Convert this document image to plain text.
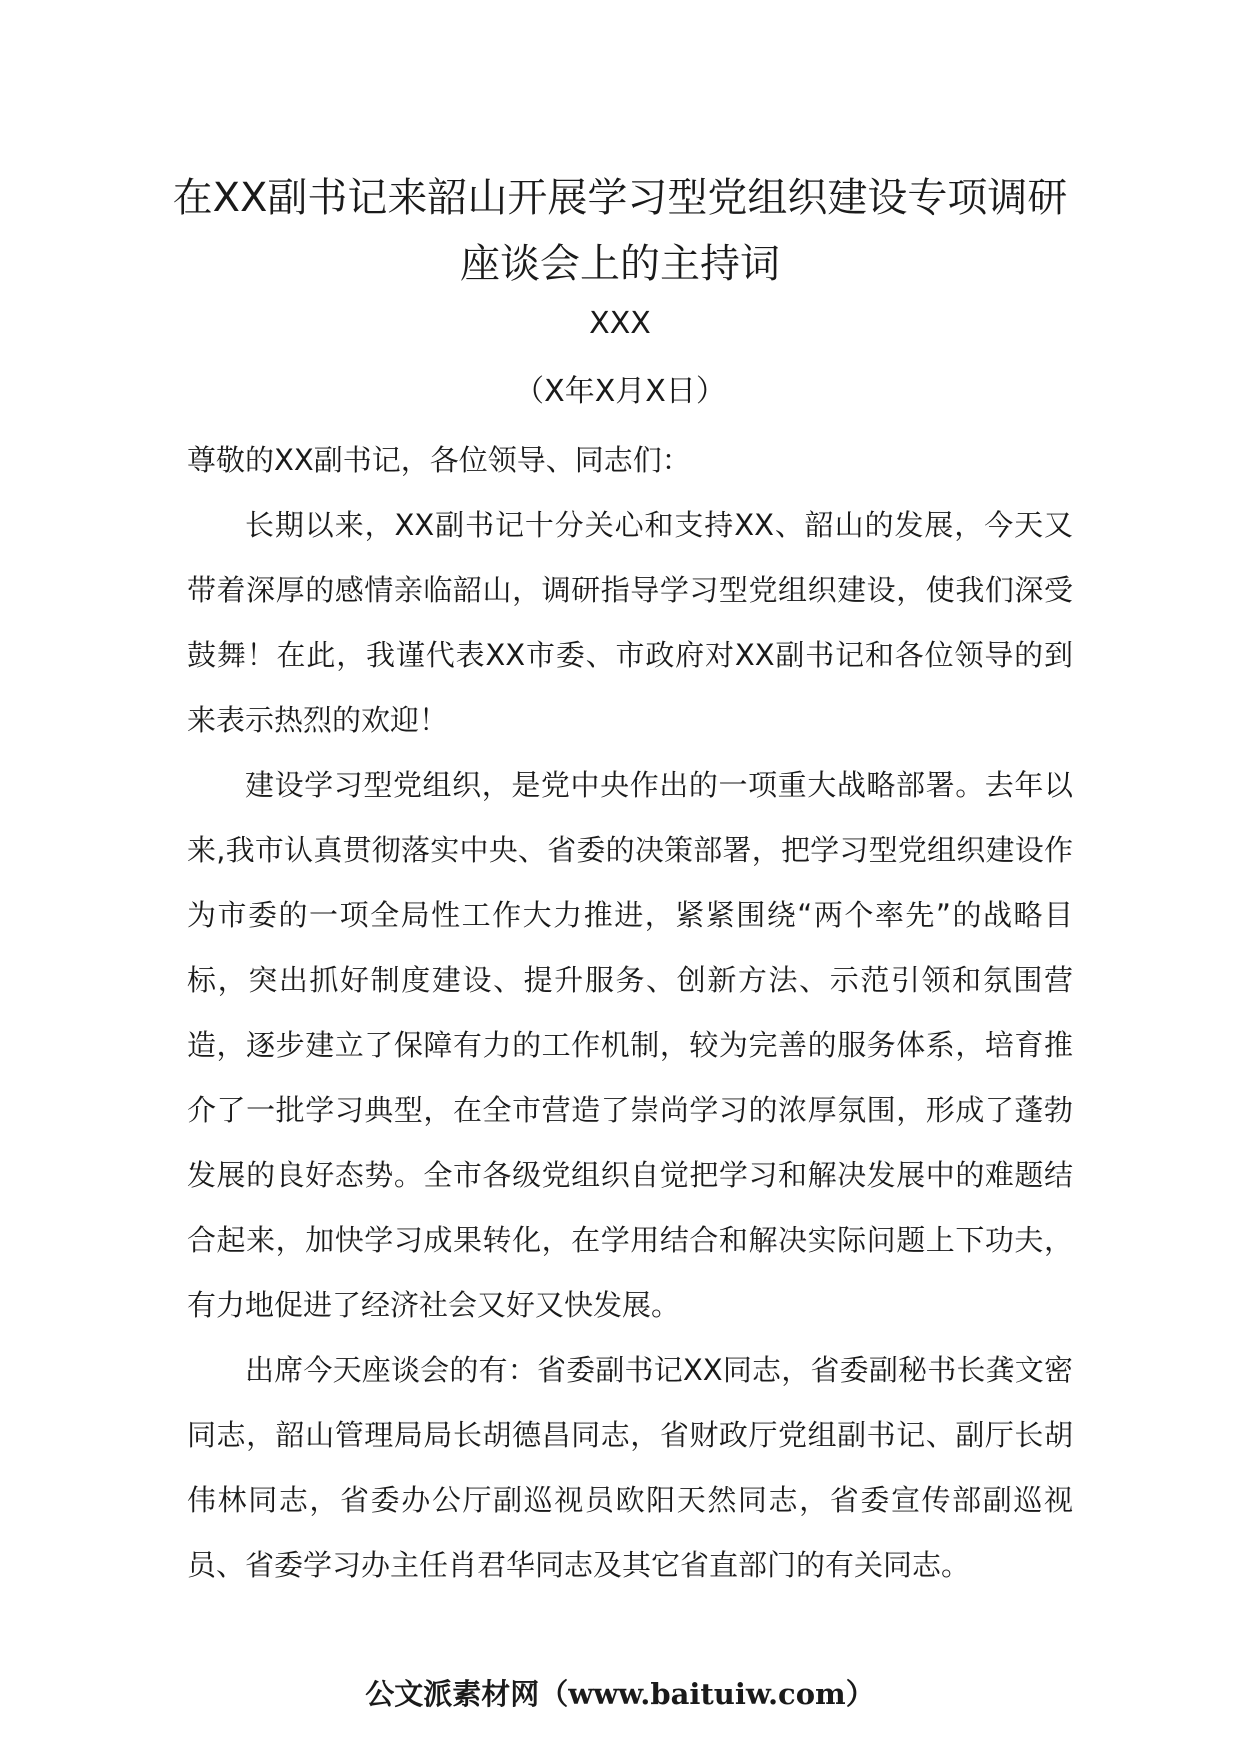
在XX副书记来韶山开展学习型党组织建设专项调研
座谈会上的主持词

XXX

（X年X月X日）

尊敬的XX副书记，各位领导、同志们：

长期以来，XX副书记十分关心和支持XX、韶山的发展，今天又带着深厚的感情亲临韶山，调研指导学习型党组织建设，使我们深受鼓舞！在此，我谨代表XX市委、市政府对XX副书记和各位领导的到来表示热烈的欢迎！

建设学习型党组织，是党中央作出的一项重大战略部署。去年以来,我市认真贯彻落实中央、省委的决策部署，把学习型党组织建设作为市委的一项全局性工作大力推进，紧紧围绕“两个率先”的战略目标，突出抓好制度建设、提升服务、创新方法、示范引领和氛围营造，逐步建立了保障有力的工作机制，较为完善的服务体系，培育推介了一批学习典型，在全市营造了崇尚学习的浓厚氛围，形成了蓬勃发展的良好态势。全市各级党组织自觉把学习和解决发展中的难题结合起来，加快学习成果转化，在学用结合和解决实际问题上下功夫，有力地促进了经济社会又好又快发展。

出席今天座谈会的有：省委副书记XX同志，省委副秘书长龚文密同志，韶山管理局局长胡德昌同志，省财政厅党组副书记、副厅长胡伟林同志，省委办公厅副巡视员欧阳天然同志，省委宣传部副巡视员、省委学习办主任肖君华同志及其它省直部门的有关同志。

公文派素材网（www.baituiw.com）
